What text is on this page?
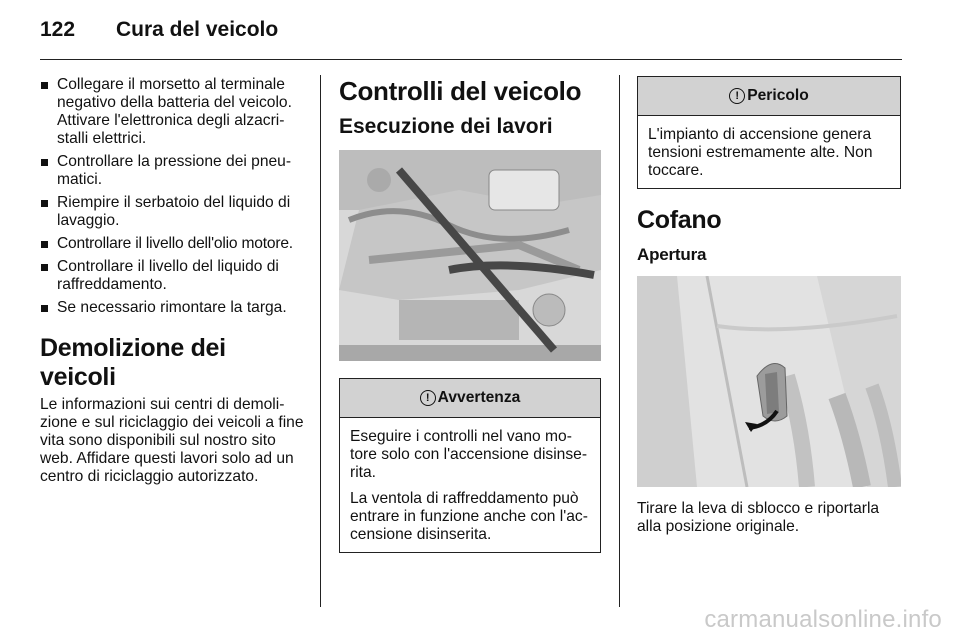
122 Cura del veicolo
Collegare il morsetto al terminale negativo della batteria del veicolo. Attivare l'elettronica degli alzacri-stalli elettrici.
Controllare la pressione dei pneu-matici.
Riempire il serbatoio del liquido di lavaggio.
Controllare il livello dell'olio motore.
Controllare il livello del liquido di raffreddamento.
Se necessario rimontare la targa.
Demolizione dei veicoli
Le informazioni sui centri di demoli-zione e sul riciclaggio dei veicoli a fine vita sono disponibili sul nostro sito web. Affidare questi lavori solo ad un centro di riciclaggio autorizzato.
Controlli del veicolo
Esecuzione dei lavori
! Avvertenza

Eseguire i controlli nel vano mo-tore solo con l'accensione disinse-rita.

La ventola di raffreddamento può entrare in funzione anche con l'ac-censione disinserita.

! Pericolo

L'impianto di accensione genera tensioni estremamente alte. Non toccare.

Cofano
Apertura
Tirare la leva di sblocco e riportarla alla posizione originale.
carmanualsonline.info
